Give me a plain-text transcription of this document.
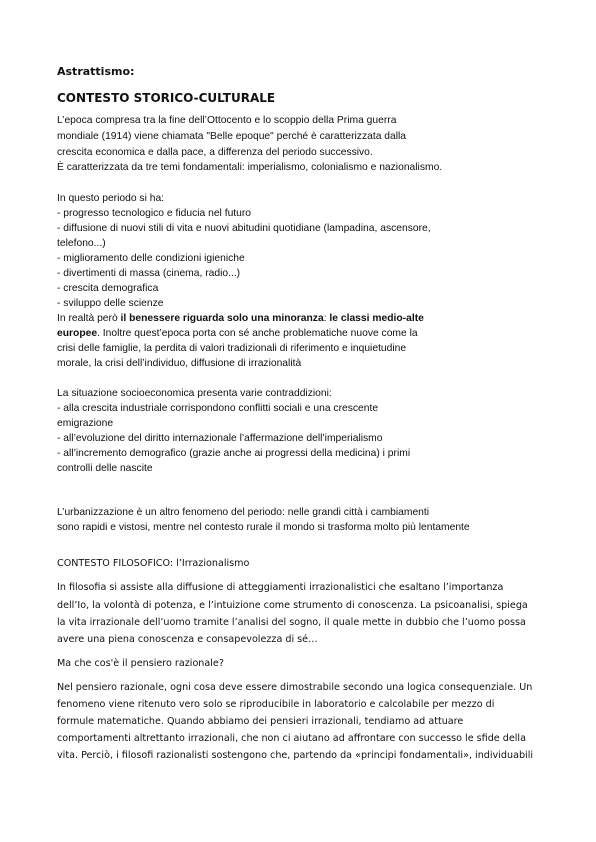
Astrattismo:
CONTESTO STORICO-CULTURALE
L’epoca compresa tra la fine dell’Ottocento e lo scoppio della Prima guerra
mondiale (1914) viene chiamata "Belle epoque" perché è caratterizzata dalla
crescita economica e dalla pace, a differenza del periodo successivo.
È caratterizzata da tre temi fondamentali: imperialismo, colonialismo e nazionalismo.
In questo periodo si ha:
- progresso tecnologico e fiducia nel futuro
- diffusione di nuovi stili di vita e nuovi abitudini quotidiane (lampadina, ascensore,
telefono...)
- miglioramento delle condizioni igieniche
- divertimenti di massa (cinema, radio...)
- crescita demografica
- sviluppo delle scienze
In realtà però il benessere riguarda solo una minoranza: le classi medio-alte
europee. Inoltre quest’epoca porta con sé anche problematiche nuove come la
crisi delle famiglie, la perdita di valori tradizionali di riferimento e inquietudine
morale, la crisi dell’individuo, diffusione di irrazionalità
La situazione socioeconomica presenta varie contraddizioni:
- alla crescita industriale corrispondono conflitti sociali e una crescente
emigrazione
- all’evoluzione del diritto internazionale l’affermazione dell’imperialismo
- all’incremento demografico (grazie anche ai progressi della medicina) i primi
controlli delle nascite
L’urbanizzazione è un altro fenomeno del periodo: nelle grandi città i cambiamenti
sono rapidi e vistosi, mentre nel contesto rurale il mondo si trasforma molto più lentamente
CONTESTO FILOSOFICO: l’Irrazionalismo
In filosofia si assiste alla diffusione di atteggiamenti irrazionalistici che esaltano l’importanza
dell’Io, la volontà di potenza, e l’intuizione come strumento di conoscenza. La psicoanalisi, spiega
la vita irrazionale dell’uomo tramite l’analisi del sogno, il quale mette in dubbio che l’uomo possa
avere una piena conoscenza e consapevolezza di sé…
Ma che cos'è il pensiero razionale?
Nel pensiero razionale, ogni cosa deve essere dimostrabile secondo una logica consequenziale. Un
fenomeno viene ritenuto vero solo se riproducibile in laboratorio e calcolabile per mezzo di
formule matematiche. Quando abbiamo dei pensieri irrazionali, tendiamo ad attuare
comportamenti altrettanto irrazionali, che non ci aiutano ad affrontare con successo le sfide della
vita. Perciò, i filosofi razionalisti sostengono che, partendo da «principi fondamentali», individuabili
